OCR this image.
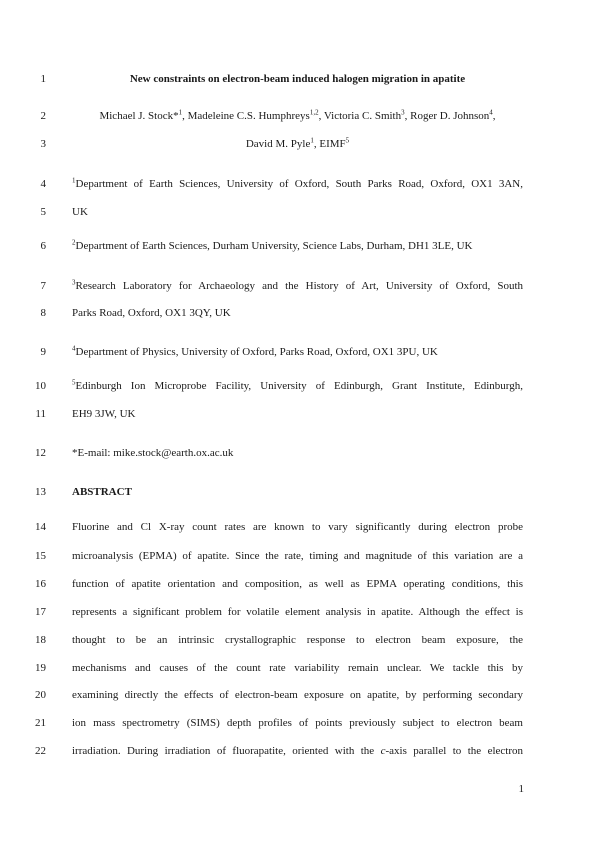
1
2
3
4
5
6
7
8
9
10
11
12
13
14
15
16
17
18
19
20
21
22
New constraints on electron-beam induced halogen migration in apatite
Michael J. Stock*$^1$, Madeleine C.S. Humphreys$^{1,2}$, Victoria C. Smith$^3$, Roger D. Johnson$^4$,
David M. Pyle$^1$, EIMF$^5$
$^1$Department of Earth Sciences, University of Oxford, South Parks Road, Oxford, OX1 3AN,
UK
$^2$Department of Earth Sciences, Durham University, Science Labs, Durham, DH1 3LE, UK
$^3$Research Laboratory for Archaeology and the History of Art, University of Oxford, South
Parks Road, Oxford, OX1 3QY, UK
$^4$Department of Physics, University of Oxford, Parks Road, Oxford, OX1 3PU, UK
$^5$Edinburgh Ion Microprobe Facility, University of Edinburgh, Grant Institute, Edinburgh,
EH9 3JW, UK
*E-mail: mike.stock@earth.ox.ac.uk
ABSTRACT
Fluorine and Cl X-ray count rates are known to vary significantly during electron probe
microanalysis (EPMA) of apatite. Since the rate, timing and magnitude of this variation are a
function of apatite orientation and composition, as well as EPMA operating conditions, this
represents a significant problem for volatile element analysis in apatite. Although the effect is
thought to be an intrinsic crystallographic response to electron beam exposure, the
mechanisms and causes of the count rate variability remain unclear. We tackle this by
examining directly the effects of electron-beam exposure on apatite, by performing secondary
ion mass spectrometry (SIMS) depth profiles of points previously subject to electron beam
irradiation. During irradiation of fluorapatite, oriented with the c-axis parallel to the electron
1
